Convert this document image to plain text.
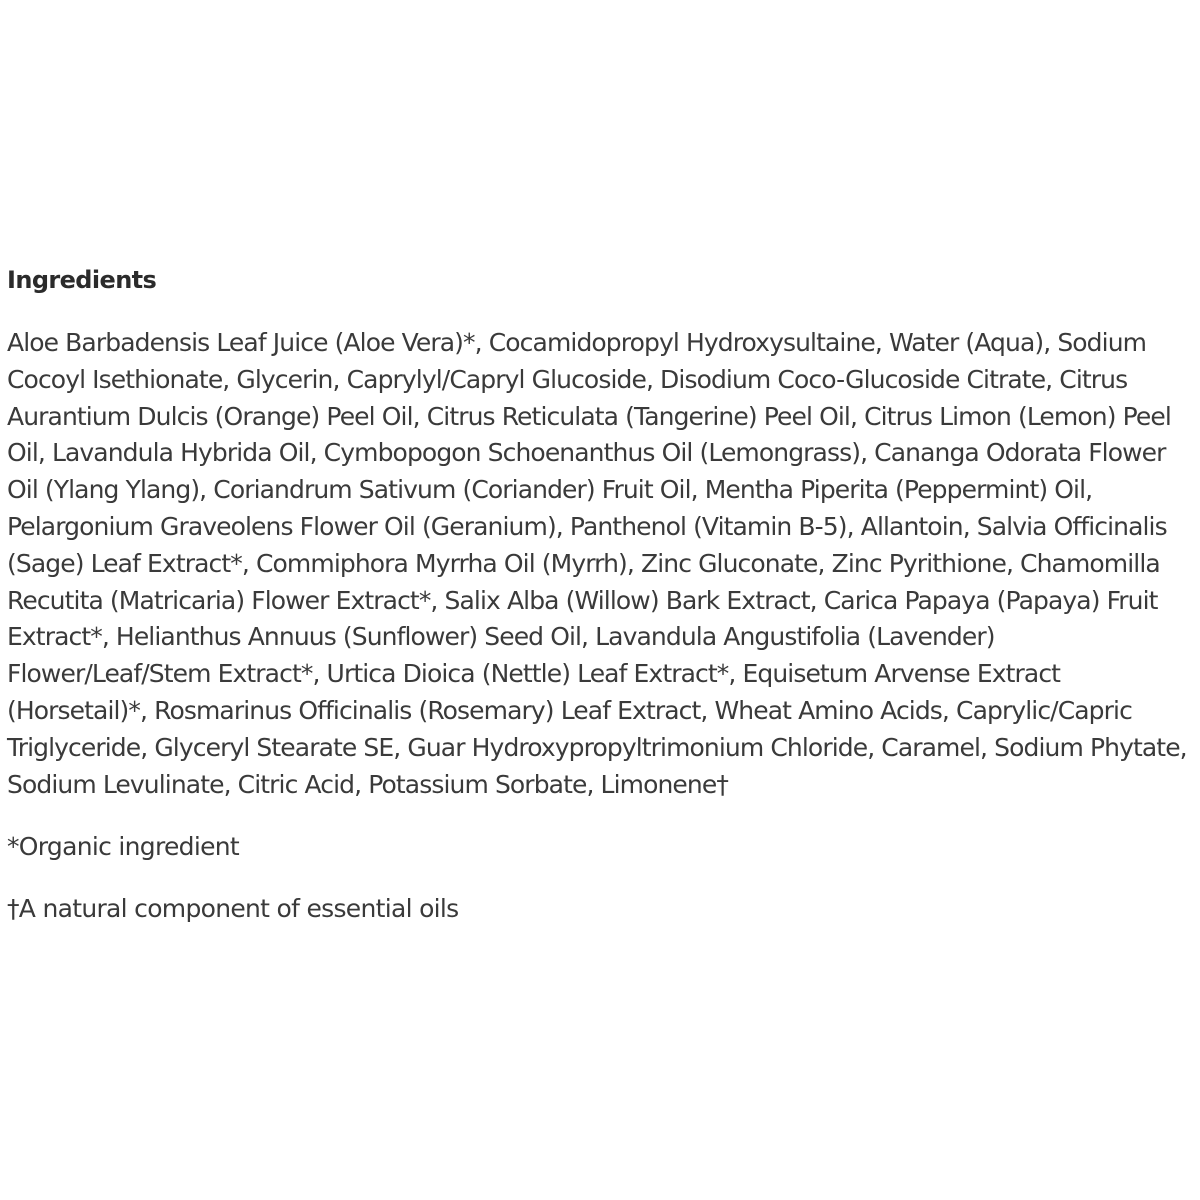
Ingredients
Aloe Barbadensis Leaf Juice (Aloe Vera)*, Cocamidopropyl Hydroxysultaine, Water (Aqua), Sodium
Cocoyl Isethionate, Glycerin, Caprylyl/Capryl Glucoside, Disodium Coco-Glucoside Citrate, Citrus
Aurantium Dulcis (Orange) Peel Oil, Citrus Reticulata (Tangerine) Peel Oil, Citrus Limon (Lemon) Peel
Oil, Lavandula Hybrida Oil, Cymbopogon Schoenanthus Oil (Lemongrass), Cananga Odorata Flower
Oil (Ylang Ylang), Coriandrum Sativum (Coriander) Fruit Oil, Mentha Piperita (Peppermint) Oil,
Pelargonium Graveolens Flower Oil (Geranium), Panthenol (Vitamin B-5), Allantoin, Salvia Officinalis
(Sage) Leaf Extract*, Commiphora Myrrha Oil (Myrrh), Zinc Gluconate, Zinc Pyrithione, Chamomilla
Recutita (Matricaria) Flower Extract*, Salix Alba (Willow) Bark Extract, Carica Papaya (Papaya) Fruit
Extract*, Helianthus Annuus (Sunflower) Seed Oil, Lavandula Angustifolia (Lavender)
Flower/Leaf/Stem Extract*, Urtica Dioica (Nettle) Leaf Extract*, Equisetum Arvense Extract
(Horsetail)*, Rosmarinus Officinalis (Rosemary) Leaf Extract, Wheat Amino Acids, Caprylic/Capric
Triglyceride, Glyceryl Stearate SE, Guar Hydroxypropyltrimonium Chloride, Caramel, Sodium Phytate,
Sodium Levulinate, Citric Acid, Potassium Sorbate, Limonene†
*Organic ingredient
†A natural component of essential oils
